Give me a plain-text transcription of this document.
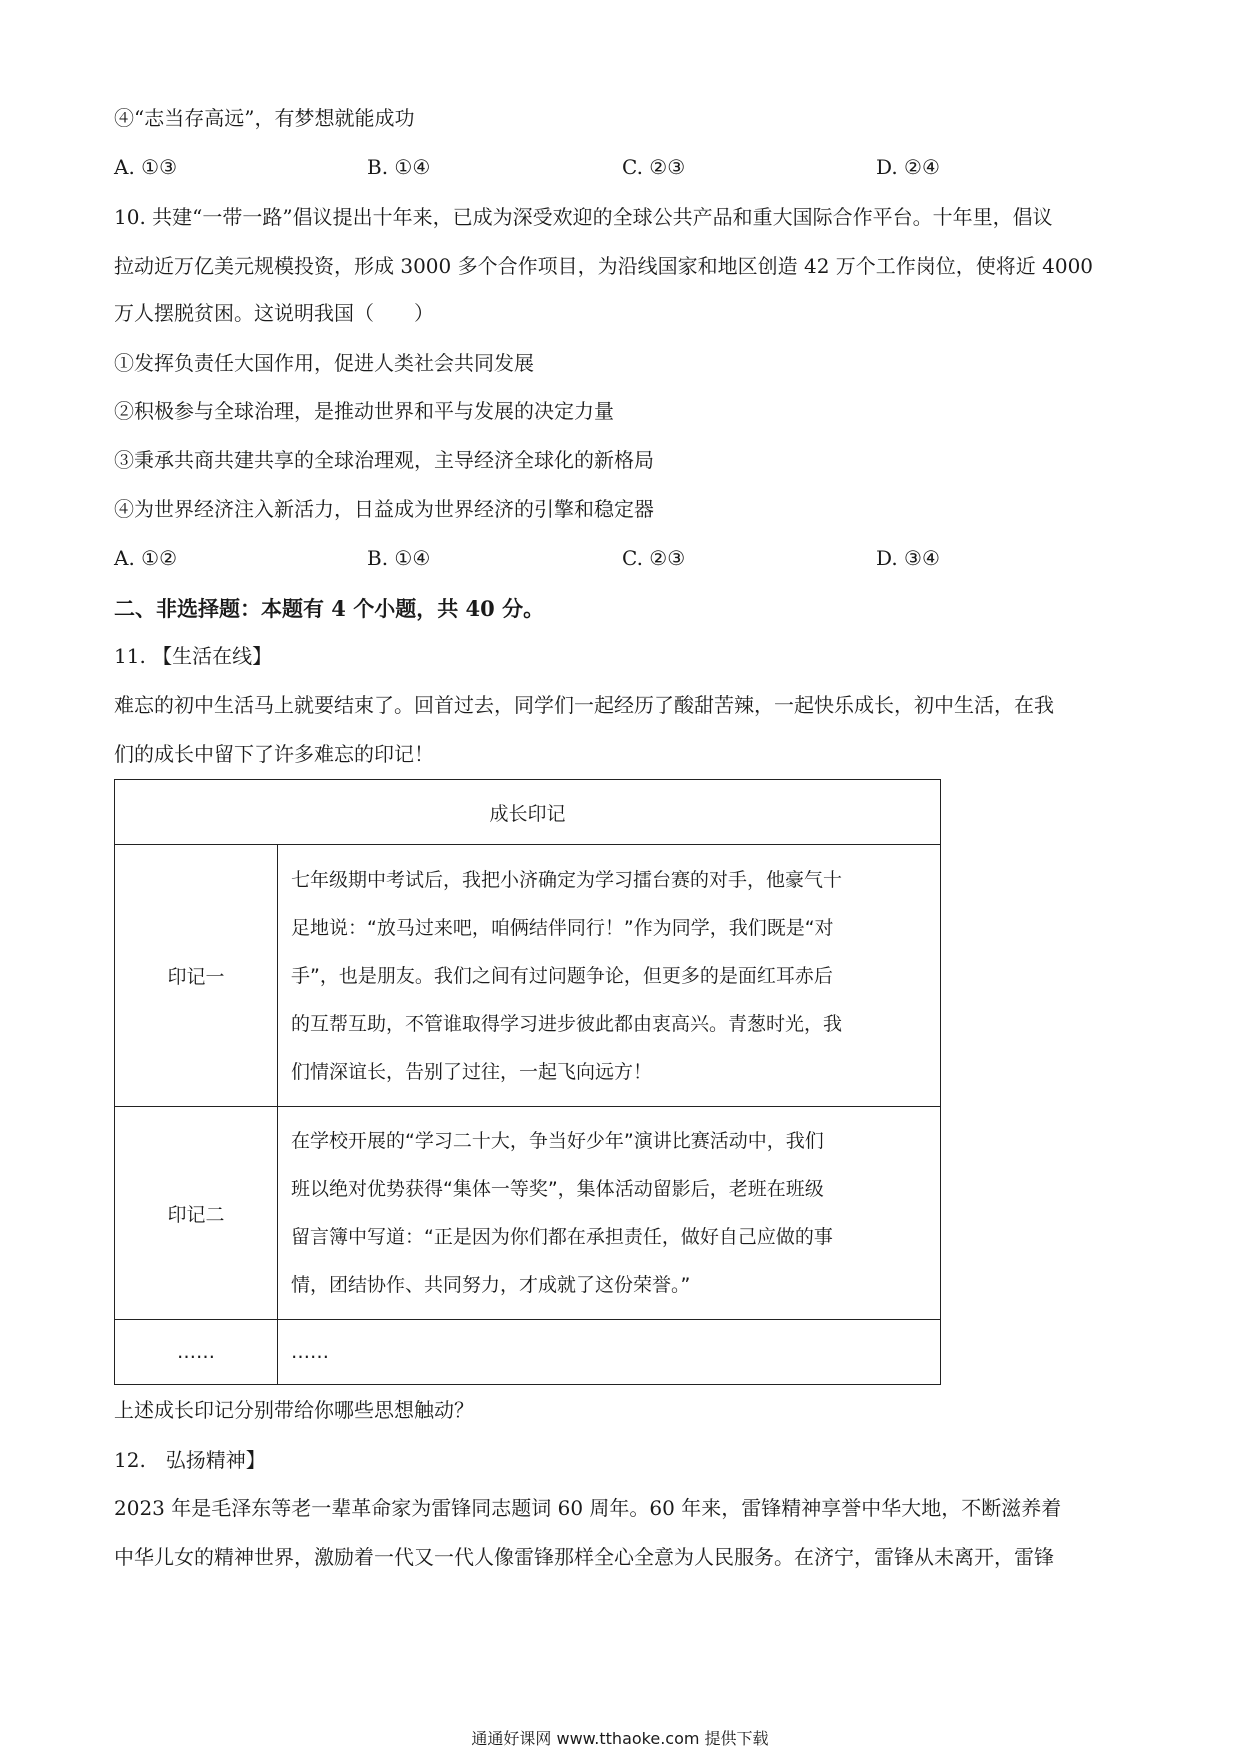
④“志当存高远”，有梦想就能成功
A. ①③	B. ①④	C. ②③	D. ②④
10. 共建“一带一路”倡议提出十年来，已成为深受欢迎的全球公共产品和重大国际合作平台。十年里，倡议
拉动近万亿美元规模投资，形成 3000 多个合作项目，为沿线国家和地区创造 42 万个工作岗位，使将近 4000
万人摆脱贫困。这说明我国（　　）
①发挥负责任大国作用，促进人类社会共同发展
②积极参与全球治理，是推动世界和平与发展的决定力量
③秉承共商共建共享的全球治理观，主导经济全球化的新格局
④为世界经济注入新活力，日益成为世界经济的引擎和稳定器
A. ①②	B. ①④	C. ②③	D. ③④
二、非选择题：本题有 4 个小题，共 40 分。
11. 【生活在线】
难忘的初中生活马上就要结束了。回首过去，同学们一起经历了酸甜苦辣，一起快乐成长，初中生活，在我
们的成长中留下了许多难忘的印记！
成长印记	
印记一	七年级期中考试后，我把小济确定为学习擂台赛的对手，他豪气十
足地说：“放马过来吧，咱俩结伴同行！”作为同学，我们既是“对
手”，也是朋友。我们之间有过问题争论，但更多的是面红耳赤后
的互帮互助，不管谁取得学习进步彼此都由衷高兴。青葱时光，我
们情深谊长，告别了过往，一起飞向远方！

印记二	在学校开展的“学习二十大，争当好少年”演讲比赛活动中，我们
班以绝对优势获得“集体一等奖”，集体活动留影后，老班在班级
留言簿中写道：“正是因为你们都在承担责任，做好自己应做的事
情，团结协作、共同努力，才成就了这份荣誉。”

……	……
上述成长印记分别带给你哪些思想触动？
12.　弘扬精神】
2023 年是毛泽东等老一辈革命家为雷锋同志题词 60 周年。60 年来，雷锋精神享誉中华大地，不断滋养着
中华儿女的精神世界，激励着一代又一代人像雷锋那样全心全意为人民服务。在济宁，雷锋从未离开，雷锋
通通好课网 www.tthaoke.com 提供下载
